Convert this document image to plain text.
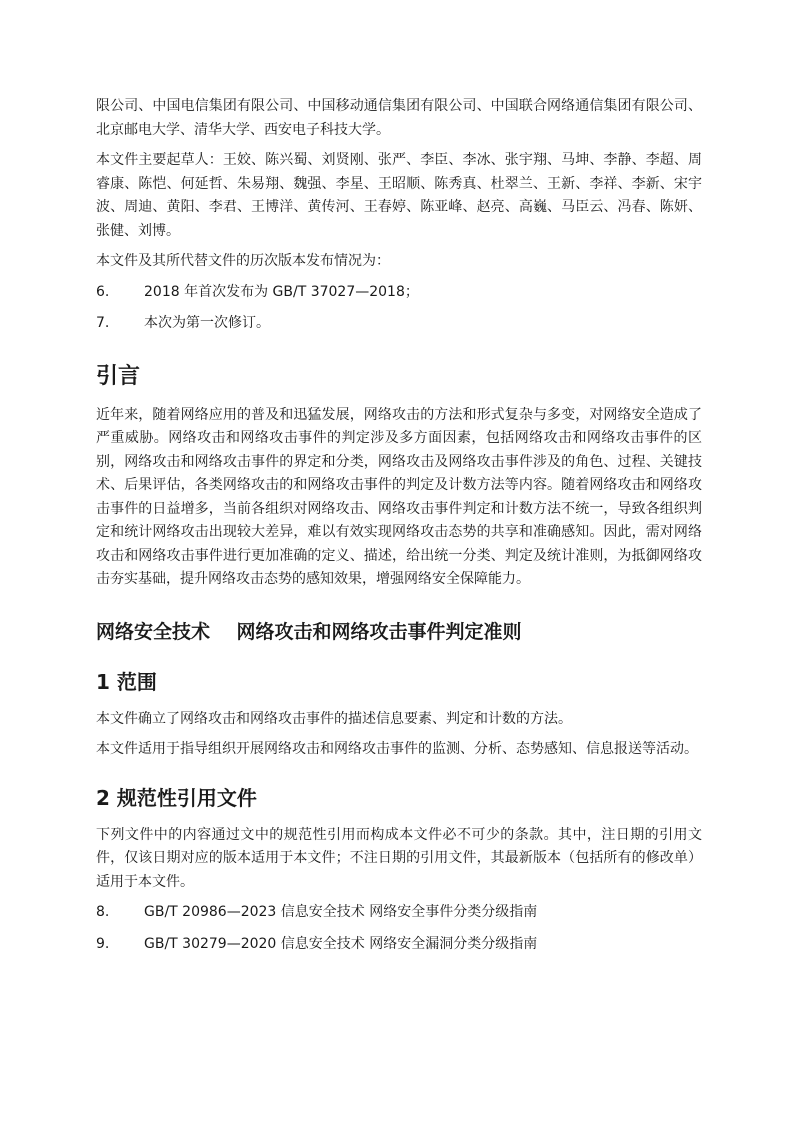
限公司、中国电信集团有限公司、中国移动通信集团有限公司、中国联合网络通信集团有限公司、北京邮电大学、清华大学、西安电子科技大学。

本文件主要起草人：王姣、陈兴蜀、刘贤刚、张严、李臣、李冰、张宇翔、马坤、李静、李超、周睿康、陈恺、何延哲、朱易翔、魏强、李星、王昭顺、陈秀真、杜翠兰、王新、李祥、李新、宋宇波、周迪、黄阳、李君、王博洋、黄传河、王春婷、陈亚峰、赵亮、高巍、马臣云、冯春、陈妍、张健、刘博。

本文件及其所代替文件的历次版本发布情况为：

6.	2018 年首次发布为 GB/T 37027—2018；
7.	本次为第一次修订。
引言

近年来，随着网络应用的普及和迅猛发展，网络攻击的方法和形式复杂与多变，对网络安全造成了严重威胁。网络攻击和网络攻击事件的判定涉及多方面因素，包括网络攻击和网络攻击事件的区别，网络攻击和网络攻击事件的界定和分类，网络攻击及网络攻击事件涉及的角色、过程、关键技术、后果评估，各类网络攻击的和网络攻击事件的判定及计数方法等内容。随着网络攻击和网络攻击事件的日益增多，当前各组织对网络攻击、网络攻击事件判定和计数方法不统一，导致各组织判定和统计网络攻击出现较大差异，难以有效实现网络攻击态势的共享和准确感知。因此，需对网络攻击和网络攻击事件进行更加准确的定义、描述，给出统一分类、判定及统计准则，为抵御网络攻击夯实基础，提升网络攻击态势的感知效果，增强网络安全保障能力。

网络安全技术    网络攻击和网络攻击事件判定准则
1 范围

本文件确立了网络攻击和网络攻击事件的描述信息要素、判定和计数的方法。

本文件适用于指导组织开展网络攻击和网络攻击事件的监测、分析、态势感知、信息报送等活动。

2 规范性引用文件

下列文件中的内容通过文中的规范性引用而构成本文件必不可少的条款。其中，注日期的引用文件，仅该日期对应的版本适用于本文件；不注日期的引用文件，其最新版本（包括所有的修改单）适用于本文件。

8.	GB/T 20986—2023 信息安全技术 网络安全事件分类分级指南
9.	GB/T 30279—2020 信息安全技术 网络安全漏洞分类分级指南
